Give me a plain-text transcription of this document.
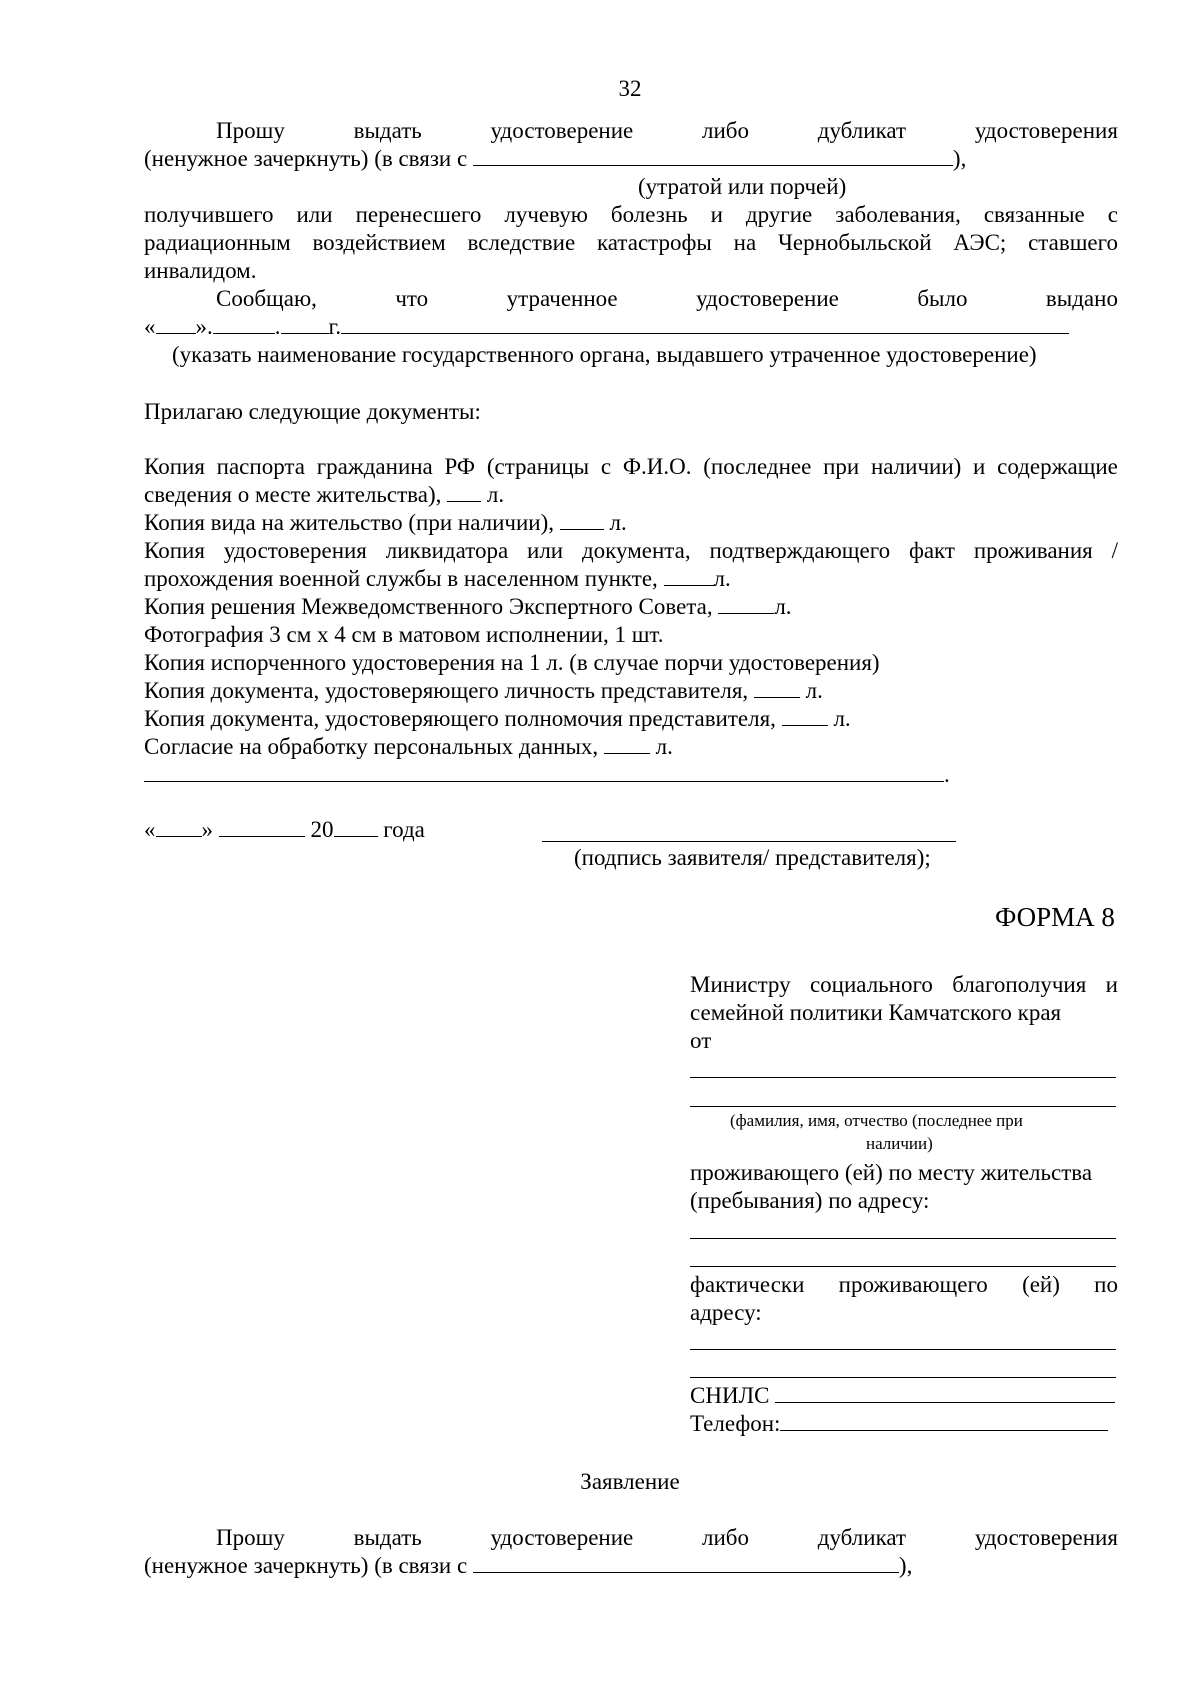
32
Прошу	выдать	удостоверение	либо	дубликат	удостоверения
(ненужное зачеркнуть) (в связи с	),
(утратой или порчей)
получившего или перенесшего лучевую болезнь и другие заболевания, связанные с
радиационным воздействием вследствие катастрофы на Чернобыльской АЭС; ставшего
инвалидом.
Сообщаю,	что	утраченное	удостоверение	было	выдано
« ».	. г.
(указать наименование государственного органа, выдавшего утраченное удостоверение)
Прилагаю следующие документы:
Копия паспорта гражданина РФ (страницы с Ф.И.О. (последнее при наличии) и содержащие
сведения о месте жительства), л.
Копия вида на жительство (при наличии), л.
Копия удостоверения ликвидатора или документа, подтверждающего факт проживания /
прохождения военной службы в населенном пункте, л.
Копия решения Межведомственного Экспертного Совета,	л.
Фотография 3 см х 4 см в матовом исполнении, 1 шт.
Копия испорченного удостоверения на 1 л. (в случае порчи удостоверения)
Копия документа, удостоверяющего личность представителя,	л.
Копия документа, удостоверяющего полномочия представителя,	л.
Согласие на обработку персональных данных,	л.
.
« »	20 года
(подпись заявителя/ представителя);
ФОРМА 8
Министру социального благополучия и
семейной политики Камчатского края
от
(фамилия, имя, отчество (последнее при
наличии)
проживающего (ей) по месту жительства
(пребывания) по адресу:
фактически проживающего (ей) по
адресу:
СНИЛС
Телефон:
Заявление
Прошу	выдать	удостоверение	либо	дубликат	удостоверения
(ненужное зачеркнуть) (в связи с	),
